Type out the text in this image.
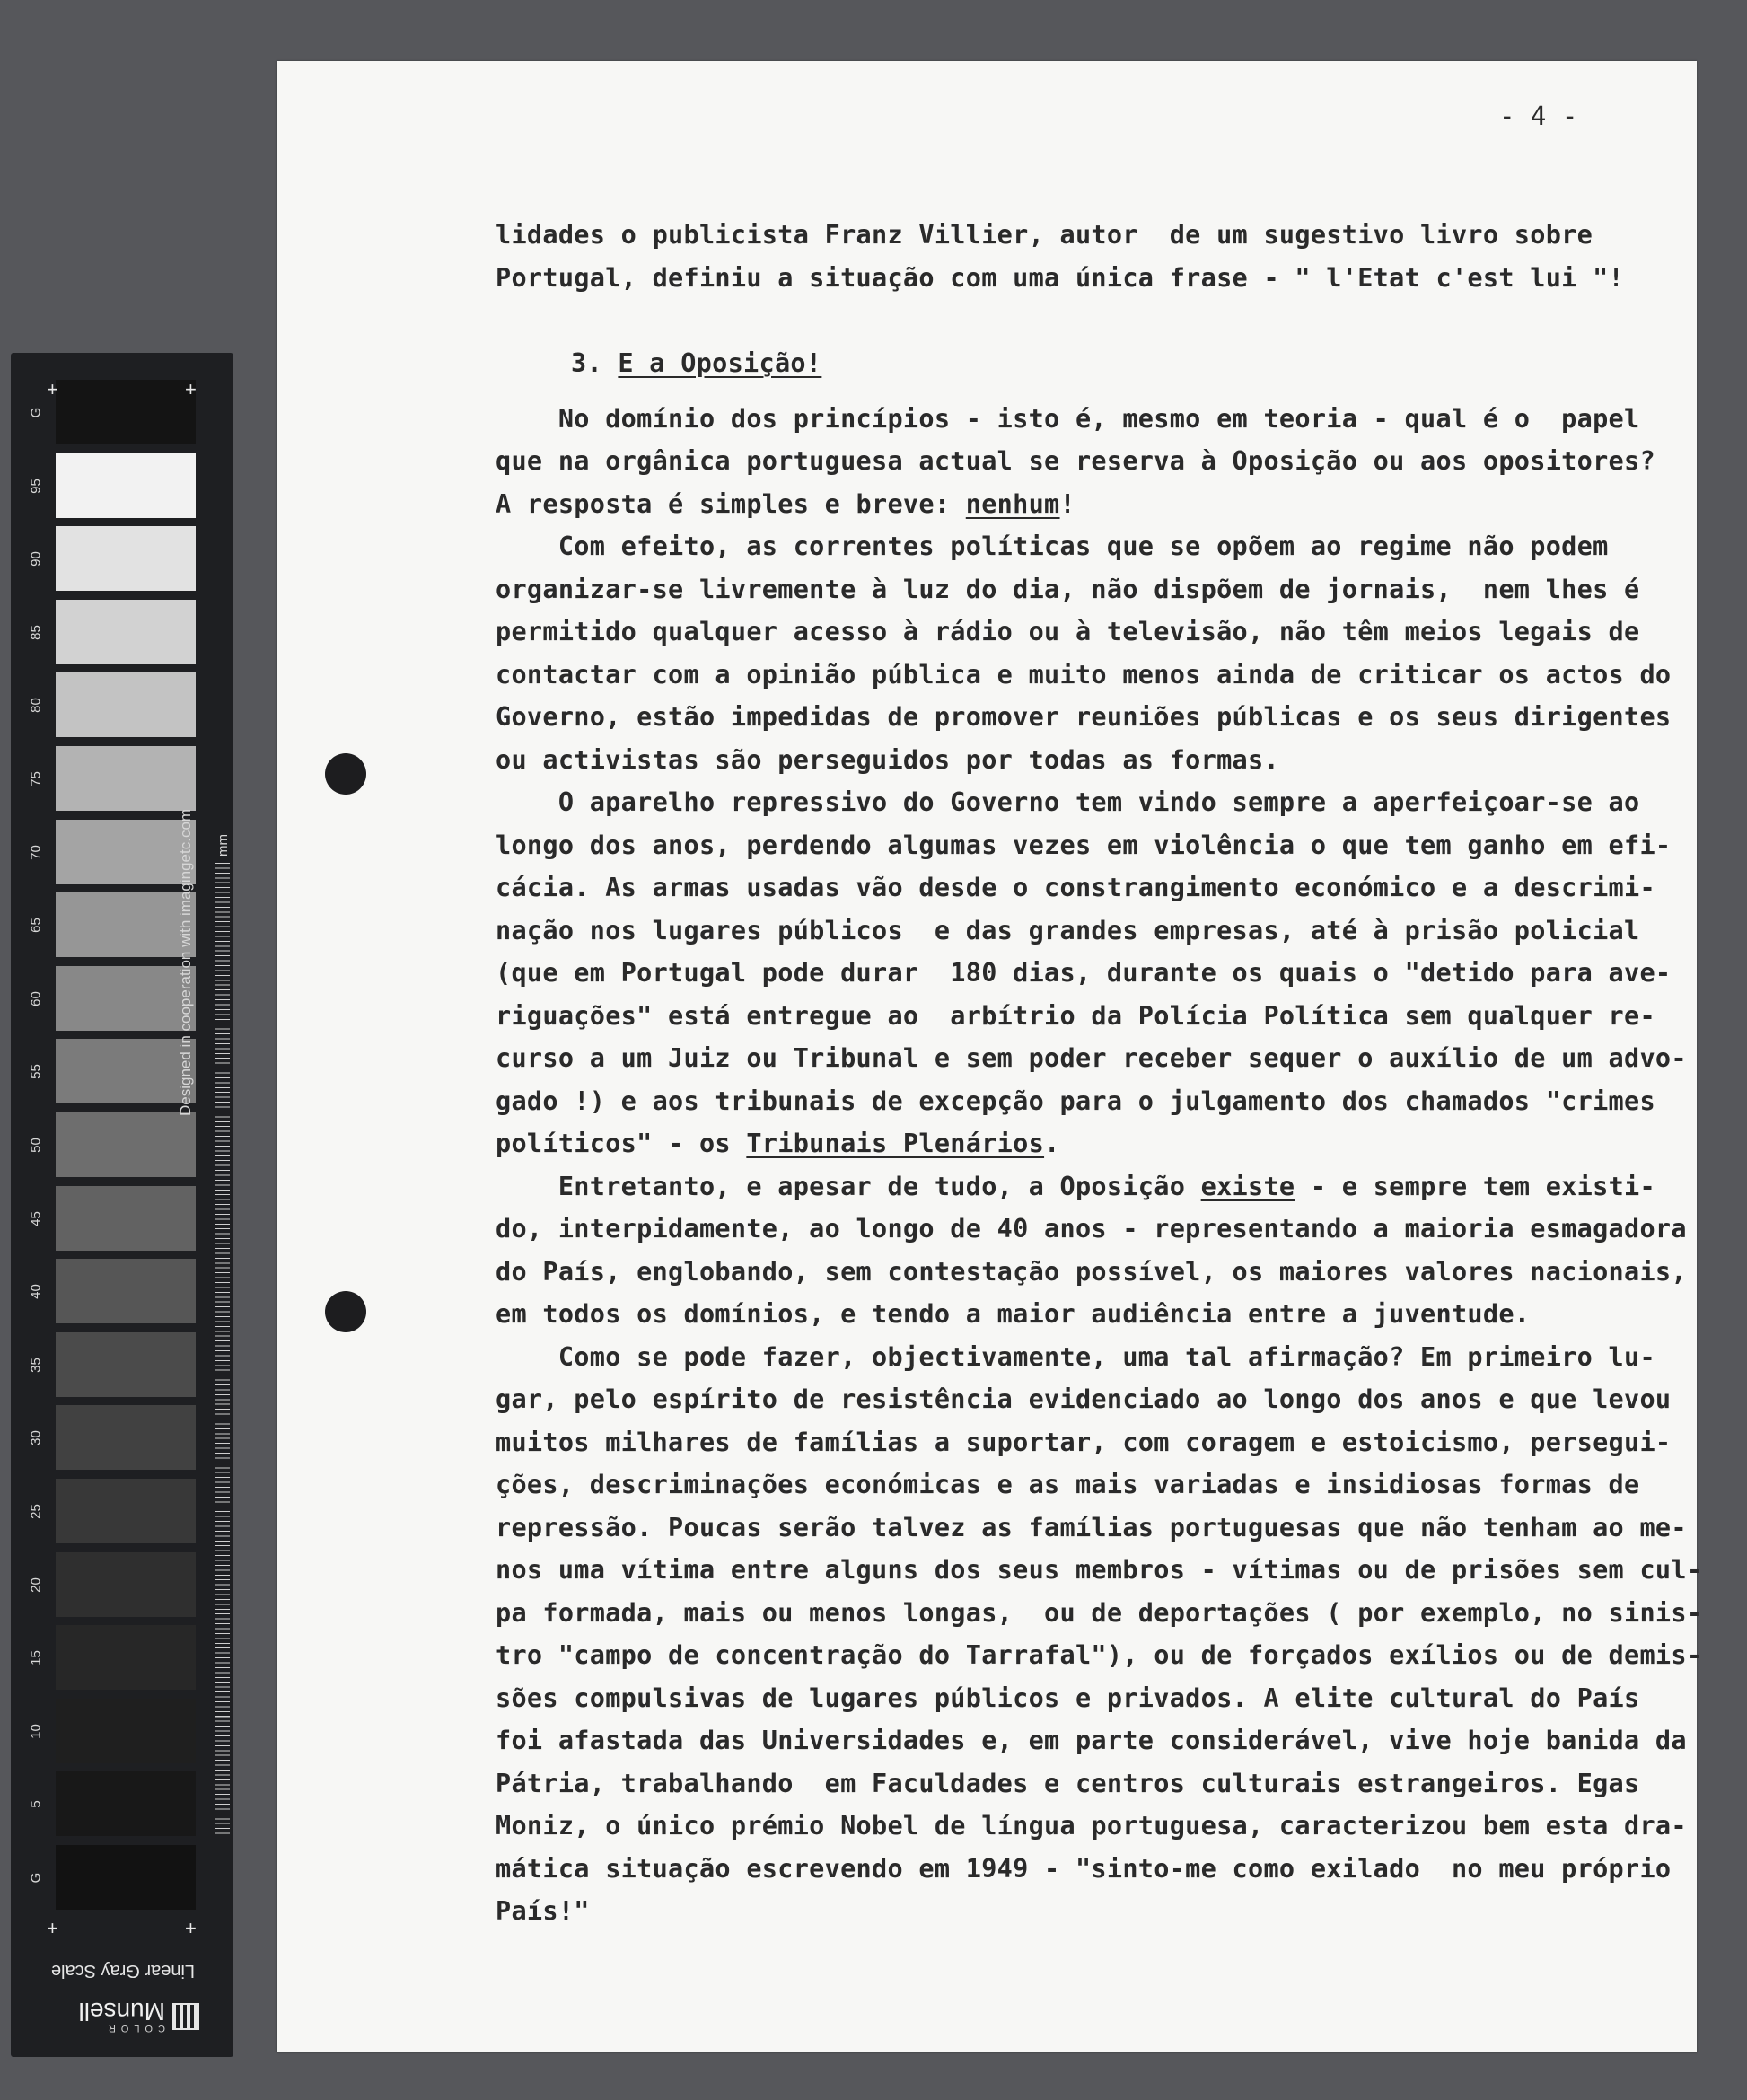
G
95
90
85
80
75
70
65
60
55
50
45
40
35
30
25
20
15
10
5
G
+	+
+	+
Designed in cooperation with imagingetc.com mm
Linear Gray Scale
COLOR
Munsell
- 4 -
lidades o publicista Franz Villier, autor  de um sugestivo livro sobre
Portugal, definiu a situação com uma única frase - " l'Etat c'est lui "!
3. E a Oposição!
No domínio dos princípios - isto é, mesmo em teoria - qual é o  papel
que na orgânica portuguesa actual se reserva à Oposição ou aos opositores?
A resposta é simples e breve: nenhum!
Com efeito, as correntes políticas que se opõem ao regime não podem
organizar-se livremente à luz do dia, não dispõem de jornais,  nem lhes é
permitido qualquer acesso à rádio ou à televisão, não têm meios legais de
contactar com a opinião pública e muito menos ainda de criticar os actos do
Governo, estão impedidas de promover reuniões públicas e os seus dirigentes
ou activistas são perseguidos por todas as formas.
O aparelho repressivo do Governo tem vindo sempre a aperfeiçoar-se ao
longo dos anos, perdendo algumas vezes em violência o que tem ganho em efi-
cácia. As armas usadas vão desde o constrangimento económico e a descrimi-
nação nos lugares públicos  e das grandes empresas, até à prisão policial
(que em Portugal pode durar  180 dias, durante os quais o "detido para ave-
riguações" está entregue ao  arbítrio da Polícia Política sem qualquer re-
curso a um Juiz ou Tribunal e sem poder receber sequer o auxílio de um advo-
gado !) e aos tribunais de excepção para o julgamento dos chamados "crimes
políticos" - os Tribunais Plenários.
Entretanto, e apesar de tudo, a Oposição existe - e sempre tem existi-
do, interpidamente, ao longo de 40 anos - representando a maioria esmagadora
do País, englobando, sem contestação possível, os maiores valores nacionais,
em todos os domínios, e tendo a maior audiência entre a juventude.
Como se pode fazer, objectivamente, uma tal afirmação? Em primeiro lu-
gar, pelo espírito de resistência evidenciado ao longo dos anos e que levou
muitos milhares de famílias a suportar, com coragem e estoicismo, persegui-
ções, descriminações económicas e as mais variadas e insidiosas formas de
repressão. Poucas serão talvez as famílias portuguesas que não tenham ao me-
nos uma vítima entre alguns dos seus membros - vítimas ou de prisões sem cul-
pa formada, mais ou menos longas,  ou de deportações ( por exemplo, no sinis-
tro "campo de concentração do Tarrafal"), ou de forçados exílios ou de demis-
sões compulsivas de lugares públicos e privados. A elite cultural do País
foi afastada das Universidades e, em parte considerável, vive hoje banida da
Pátria, trabalhando  em Faculdades e centros culturais estrangeiros. Egas
Moniz, o único prémio Nobel de língua portuguesa, caracterizou bem esta dra-
mática situação escrevendo em 1949 - "sinto-me como exilado  no meu próprio
País!"
